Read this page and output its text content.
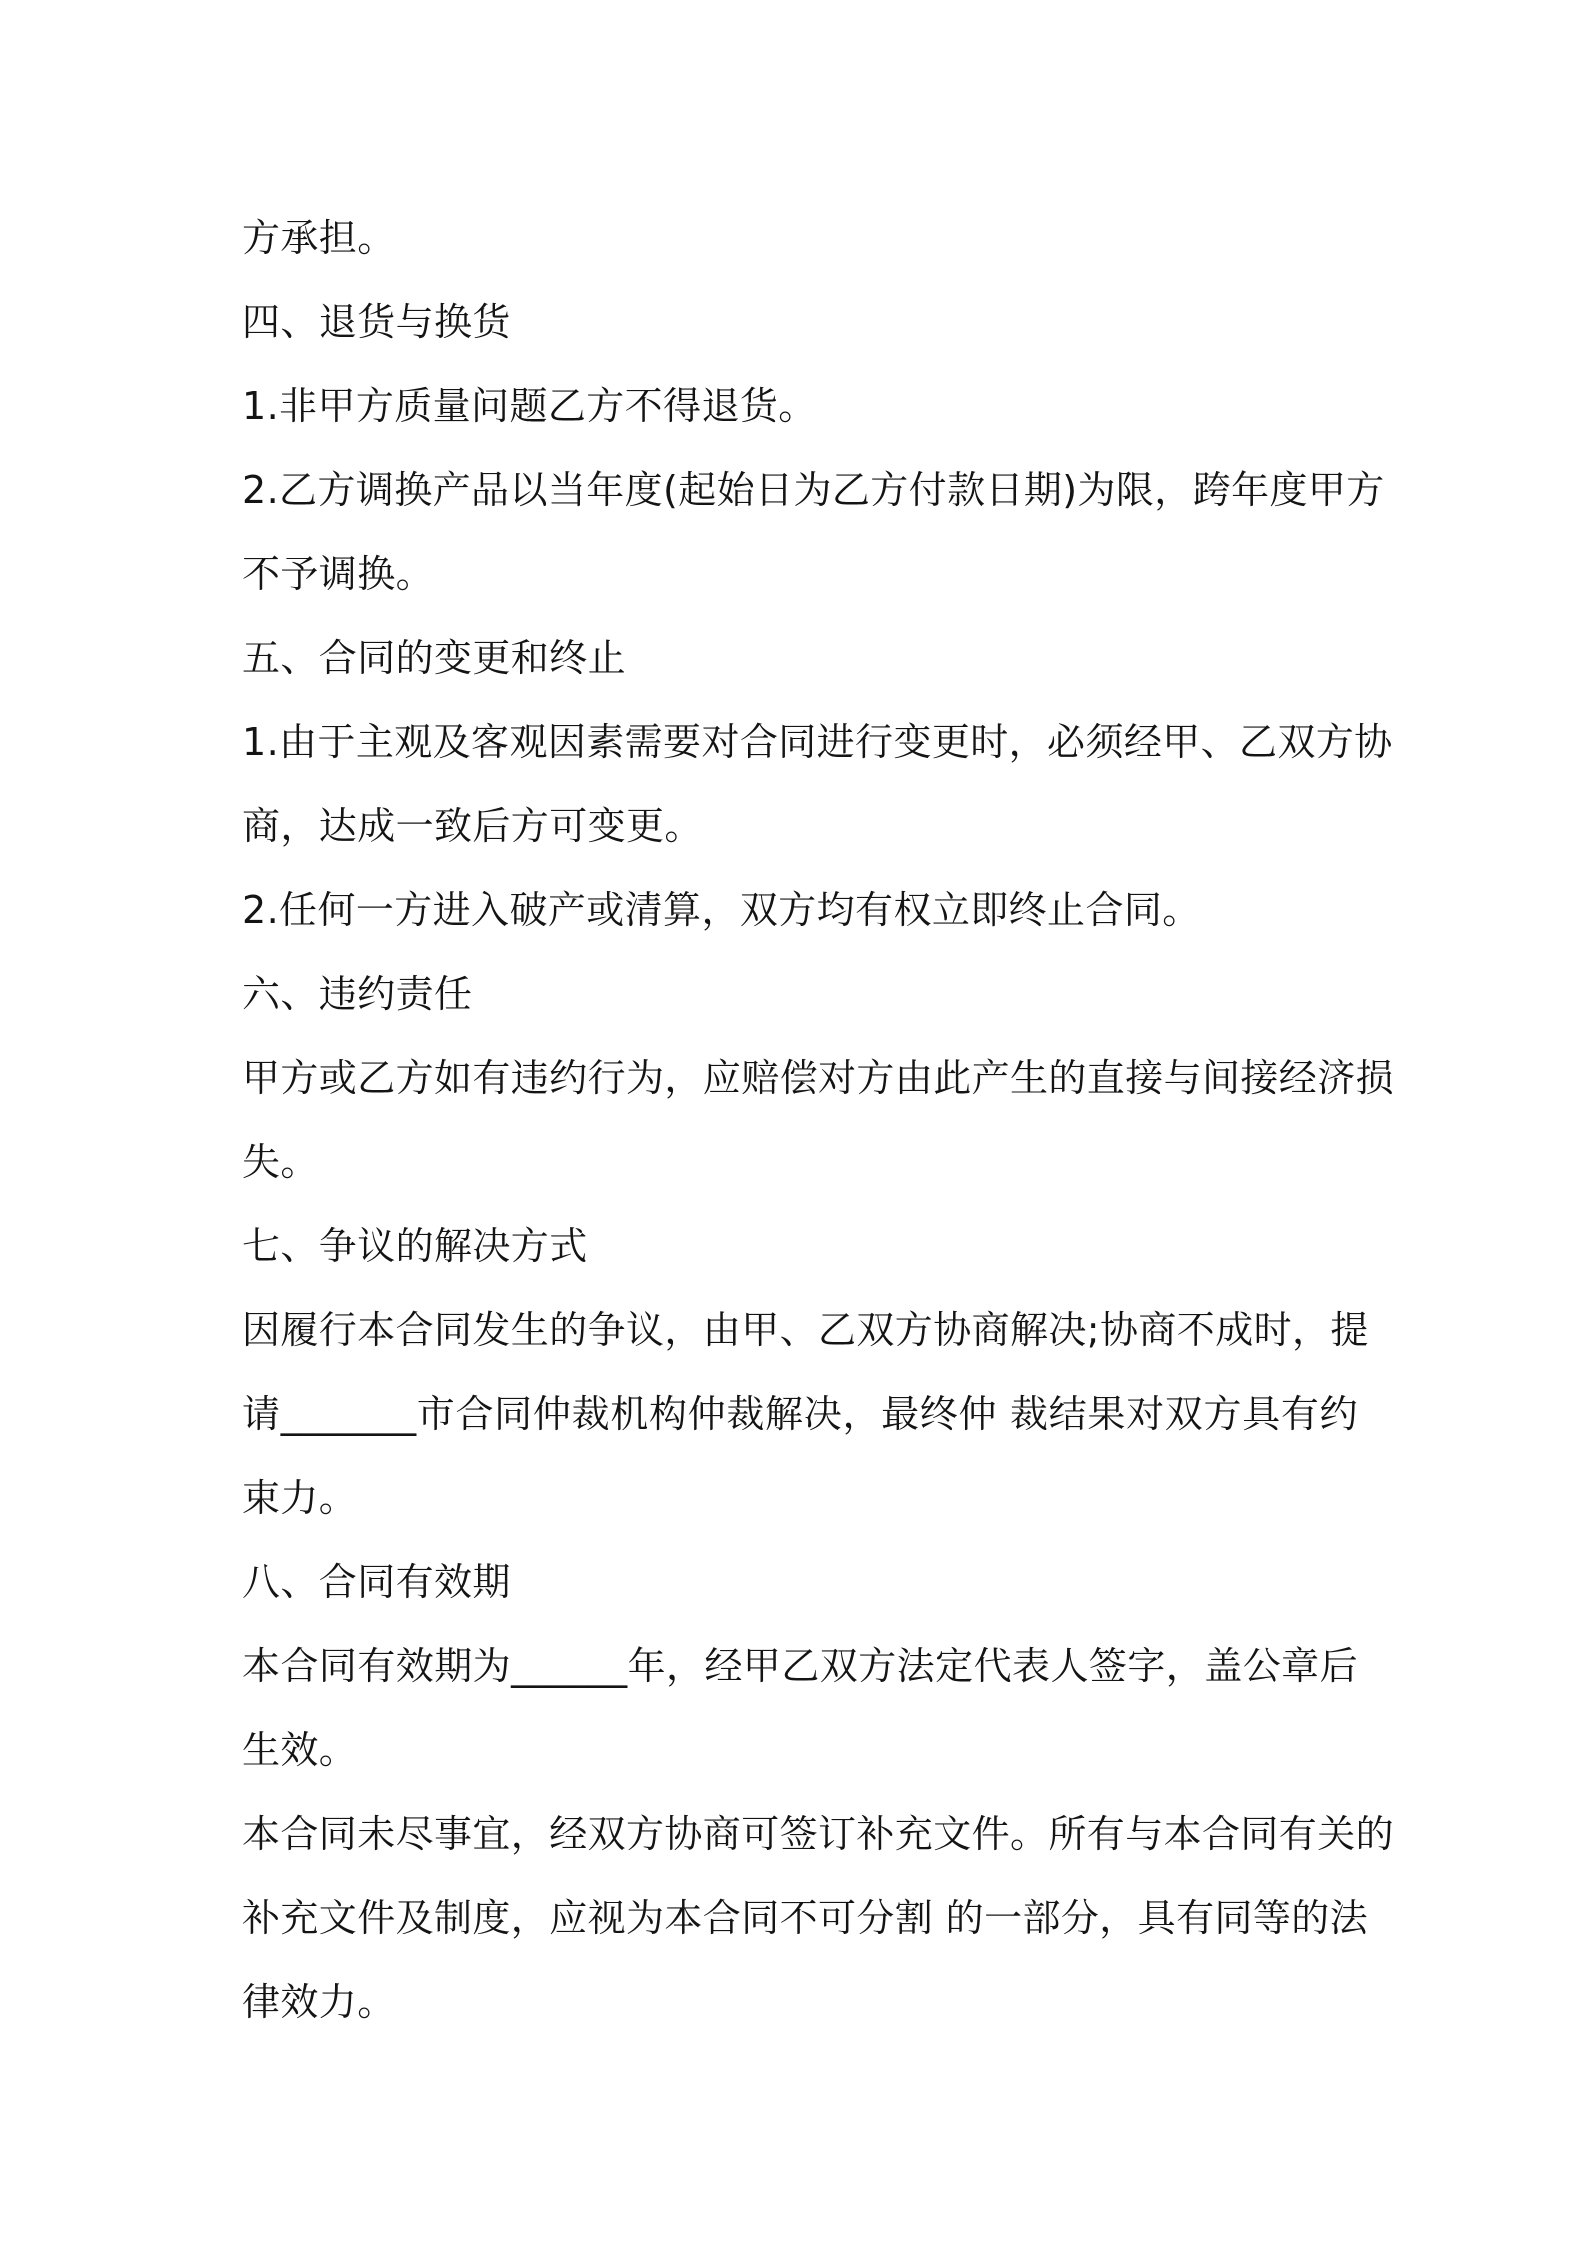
方承担。
四、退货与换货
1.非甲方质量问题乙方不得退货。
2.乙方调换产品以当年度(起始日为乙方付款日期)为限，跨年度甲方
不予调换。
五、合同的变更和终止
1.由于主观及客观因素需要对合同进行变更时，必须经甲、乙双方协
商，达成一致后方可变更。
2.任何一方进入破产或清算，双方均有权立即终止合同。
六、违约责任
甲方或乙方如有违约行为，应赔偿对方由此产生的直接与间接经济损
失。
七、争议的解决方式
因履行本合同发生的争议，由甲、乙双方协商解决;协商不成时，提
请_______市合同仲裁机构仲裁解决，最终仲 裁结果对双方具有约
束力。
八、合同有效期
本合同有效期为______年，经甲乙双方法定代表人签字，盖公章后
生效。
本合同未尽事宜，经双方协商可签订补充文件。所有与本合同有关的
补充文件及制度，应视为本合同不可分割 的一部分，具有同等的法
律效力。
